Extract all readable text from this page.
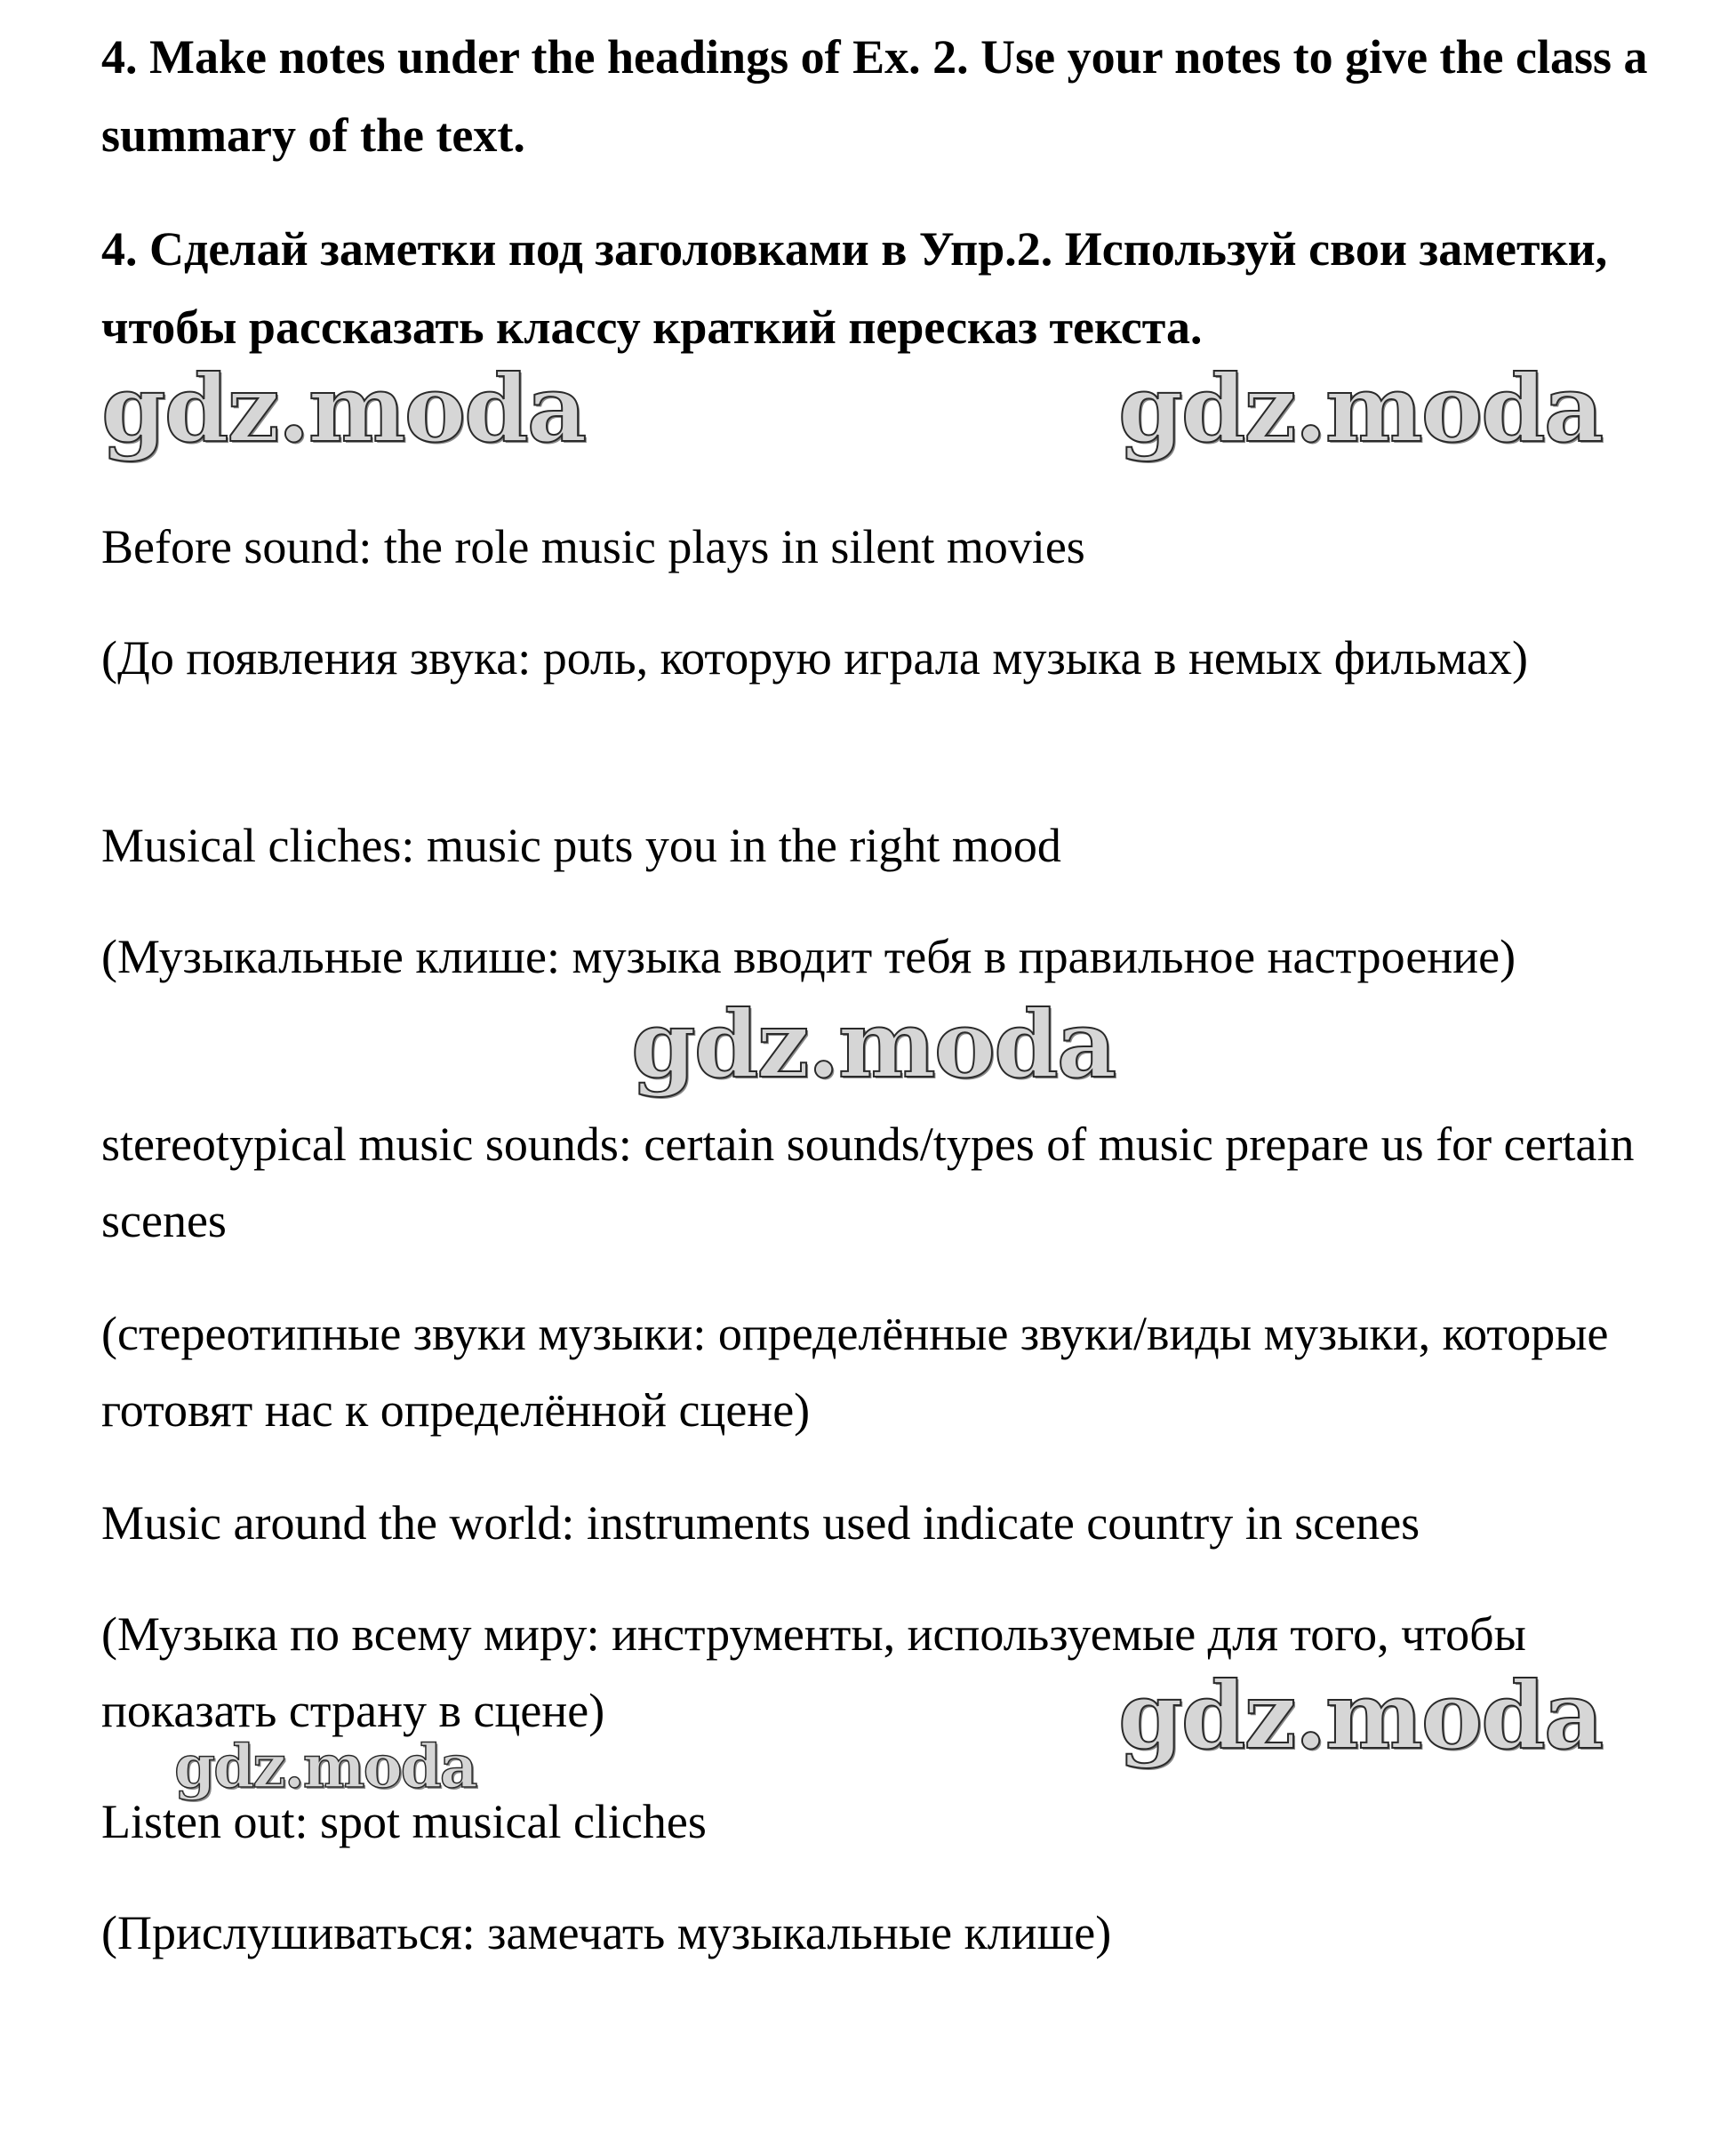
4. Make notes under the headings of Ex. 2. Use your notes to give the class a summary of the text.

4. Сделай заметки под заголовками в Упр.2. Используй свои заметки, чтобы рассказать классу краткий пересказ текста.

gdz.moda	gdz.moda

Before sound: the role music plays in silent movies

(До появления звука: роль, которую играла музыка в немых фильмах)

Musical cliches: music puts you in the right mood

(Музыкальные клише: музыка вводит тебя в правильное настроение)

gdz.moda

stereotypical music sounds: certain sounds/types of music prepare us for certain scenes

(стереотипные звуки музыки: определённые звуки/виды музыки, которые готовят нас к определённой сцене)

Music around the world: instruments used indicate country in scenes

(Музыка по всему миру: инструменты, используемые для того, чтобы показать страну в сцене)	gdz.moda
gdz.moda

Listen out: spot musical cliches

(Прислушиваться: замечать музыкальные клише)
